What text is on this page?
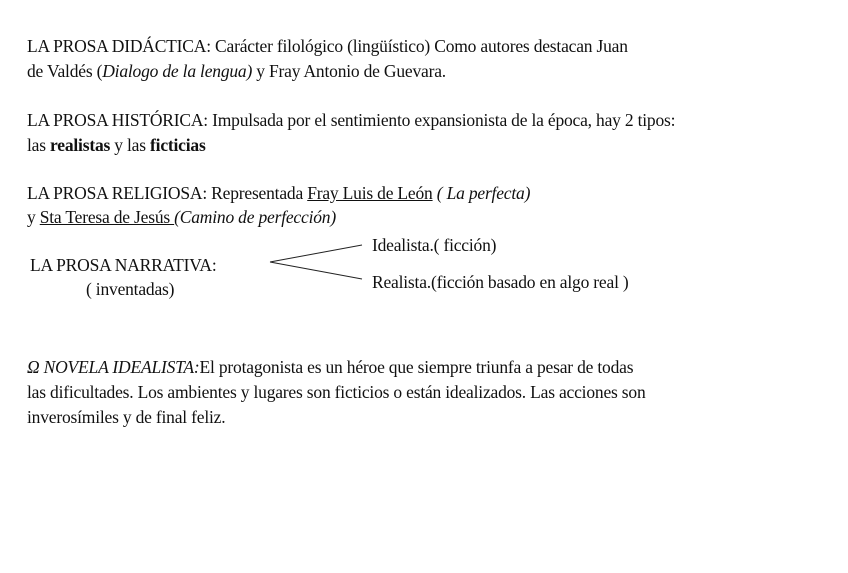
LA PROSA DIDÁCTICA: Carácter filológico (lingüístico) Como autores destacan Juan
de Valdés (Dialogo de la lengua) y Fray Antonio de Guevara.
LA PROSA HISTÓRICA: Impulsada por el sentimiento expansionista de la época, hay 2 tipos:
las realistas y las ficticias
LA PROSA RELIGIOSA: Representada Fray Luis de León ( La perfecta)
y Sta Teresa de Jesús (Camino de perfección)
LA PROSA NARRATIVA:
( inventadas)
Idealista.( ficción)
Realista.(ficción basado en algo real )
Ω NOVELA IDEALISTA:El protagonista es un héroe que siempre triunfa a pesar de todas
las dificultades. Los ambientes y lugares son ficticios o están idealizados. Las acciones son
inverosímiles y de final feliz.
